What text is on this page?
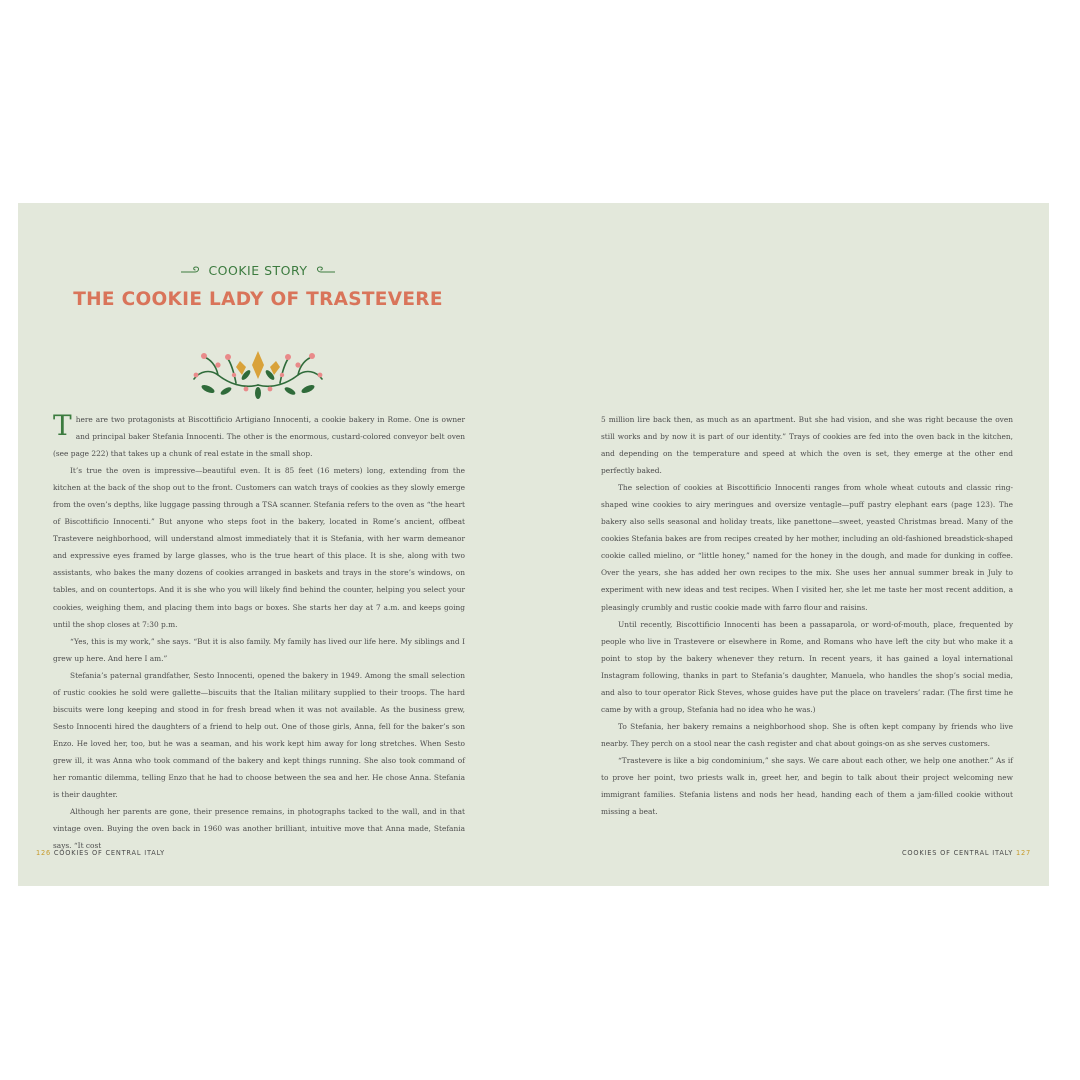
COOKIE STORY
THE COOKIE LADY OF TRASTEVERE

There are two protagonists at Biscottificio Artigiano Innocenti, a cookie bakery in Rome. One is owner and principal baker Stefania Innocenti. The other is the enormous, custard-colored conveyor belt oven (see page 222) that takes up a chunk of real estate in the small shop.

It’s true the oven is impressive—beautiful even. It is 85 feet (16 meters) long, extending from the kitchen at the back of the shop out to the front. Customers can watch trays of cookies as they slowly emerge from the oven’s depths, like luggage passing through a TSA scanner. Stefania refers to the oven as “the heart of Biscottificio Innocenti.” But anyone who steps foot in the bakery, located in Rome’s ancient, offbeat Trastevere neighborhood, will understand almost immediately that it is Stefania, with her warm demeanor and expressive eyes framed by large glasses, who is the true heart of this place. It is she, along with two assistants, who bakes the many dozens of cookies arranged in baskets and trays in the store’s windows, on tables, and on countertops. And it is she who you will likely find behind the counter, helping you select your cookies, weighing them, and placing them into bags or boxes. She starts her day at 7 a.m. and keeps going until the shop closes at 7:30 p.m.

“Yes, this is my work,” she says. “But it is also family. My family has lived our life here. My siblings and I grew up here. And here I am.”

Stefania’s paternal grandfather, Sesto Innocenti, opened the bakery in 1949. Among the small selection of rustic cookies he sold were gallette—biscuits that the Italian military supplied to their troops. The hard biscuits were long keeping and stood in for fresh bread when it was not available. As the business grew, Sesto Innocenti hired the daughters of a friend to help out. One of those girls, Anna, fell for the baker’s son Enzo. He loved her, too, but he was a seaman, and his work kept him away for long stretches. When Sesto grew ill, it was Anna who took command of the bakery and kept things running. She also took command of her romantic dilemma, telling Enzo that he had to choose between the sea and her. He chose Anna. Stefania is their daughter.

Although her parents are gone, their presence remains, in photographs tacked to the wall, and in that vintage oven. Buying the oven back in 1960 was another brilliant, intuitive move that Anna made, Stefania says. “It cost

5 million lire back then, as much as an apartment. But she had vision, and she was right because the oven still works and by now it is part of our identity.” Trays of cookies are fed into the oven back in the kitchen, and depending on the temperature and speed at which the oven is set, they emerge at the other end perfectly baked.

The selection of cookies at Biscottificio Innocenti ranges from whole wheat cutouts and classic ring-shaped wine cookies to airy meringues and oversize ventagle—puff pastry elephant ears (page 123). The bakery also sells seasonal and holiday treats, like panettone—sweet, yeasted Christmas bread. Many of the cookies Stefania bakes are from recipes created by her mother, including an old-fashioned breadstick-shaped cookie called mielino, or “little honey,” named for the honey in the dough, and made for dunking in coffee. Over the years, she has added her own recipes to the mix. She uses her annual summer break in July to experiment with new ideas and test recipes. When I visited her, she let me taste her most recent addition, a pleasingly crumbly and rustic cookie made with farro flour and raisins.

Until recently, Biscottificio Innocenti has been a passaparola, or word-of-mouth, place, frequented by people who live in Trastevere or elsewhere in Rome, and Romans who have left the city but who make it a point to stop by the bakery whenever they return. In recent years, it has gained a loyal international Instagram following, thanks in part to Stefania’s daughter, Manuela, who handles the shop’s social media, and also to tour operator Rick Steves, whose guides have put the place on travelers’ radar. (The first time he came by with a group, Stefania had no idea who he was.)

To Stefania, her bakery remains a neighborhood shop. She is often kept company by friends who live nearby. They perch on a stool near the cash register and chat about goings-on as she serves customers.

“Trastevere is like a big condominium,” she says. We care about each other, we help one another.” As if to prove her point, two priests walk in, greet her, and begin to talk about their project welcoming new immigrant families. Stefania listens and nods her head, handing each of them a jam-filled cookie without missing a beat.

126 COOKIES OF CENTRAL ITALY	COOKIES OF CENTRAL ITALY 127
